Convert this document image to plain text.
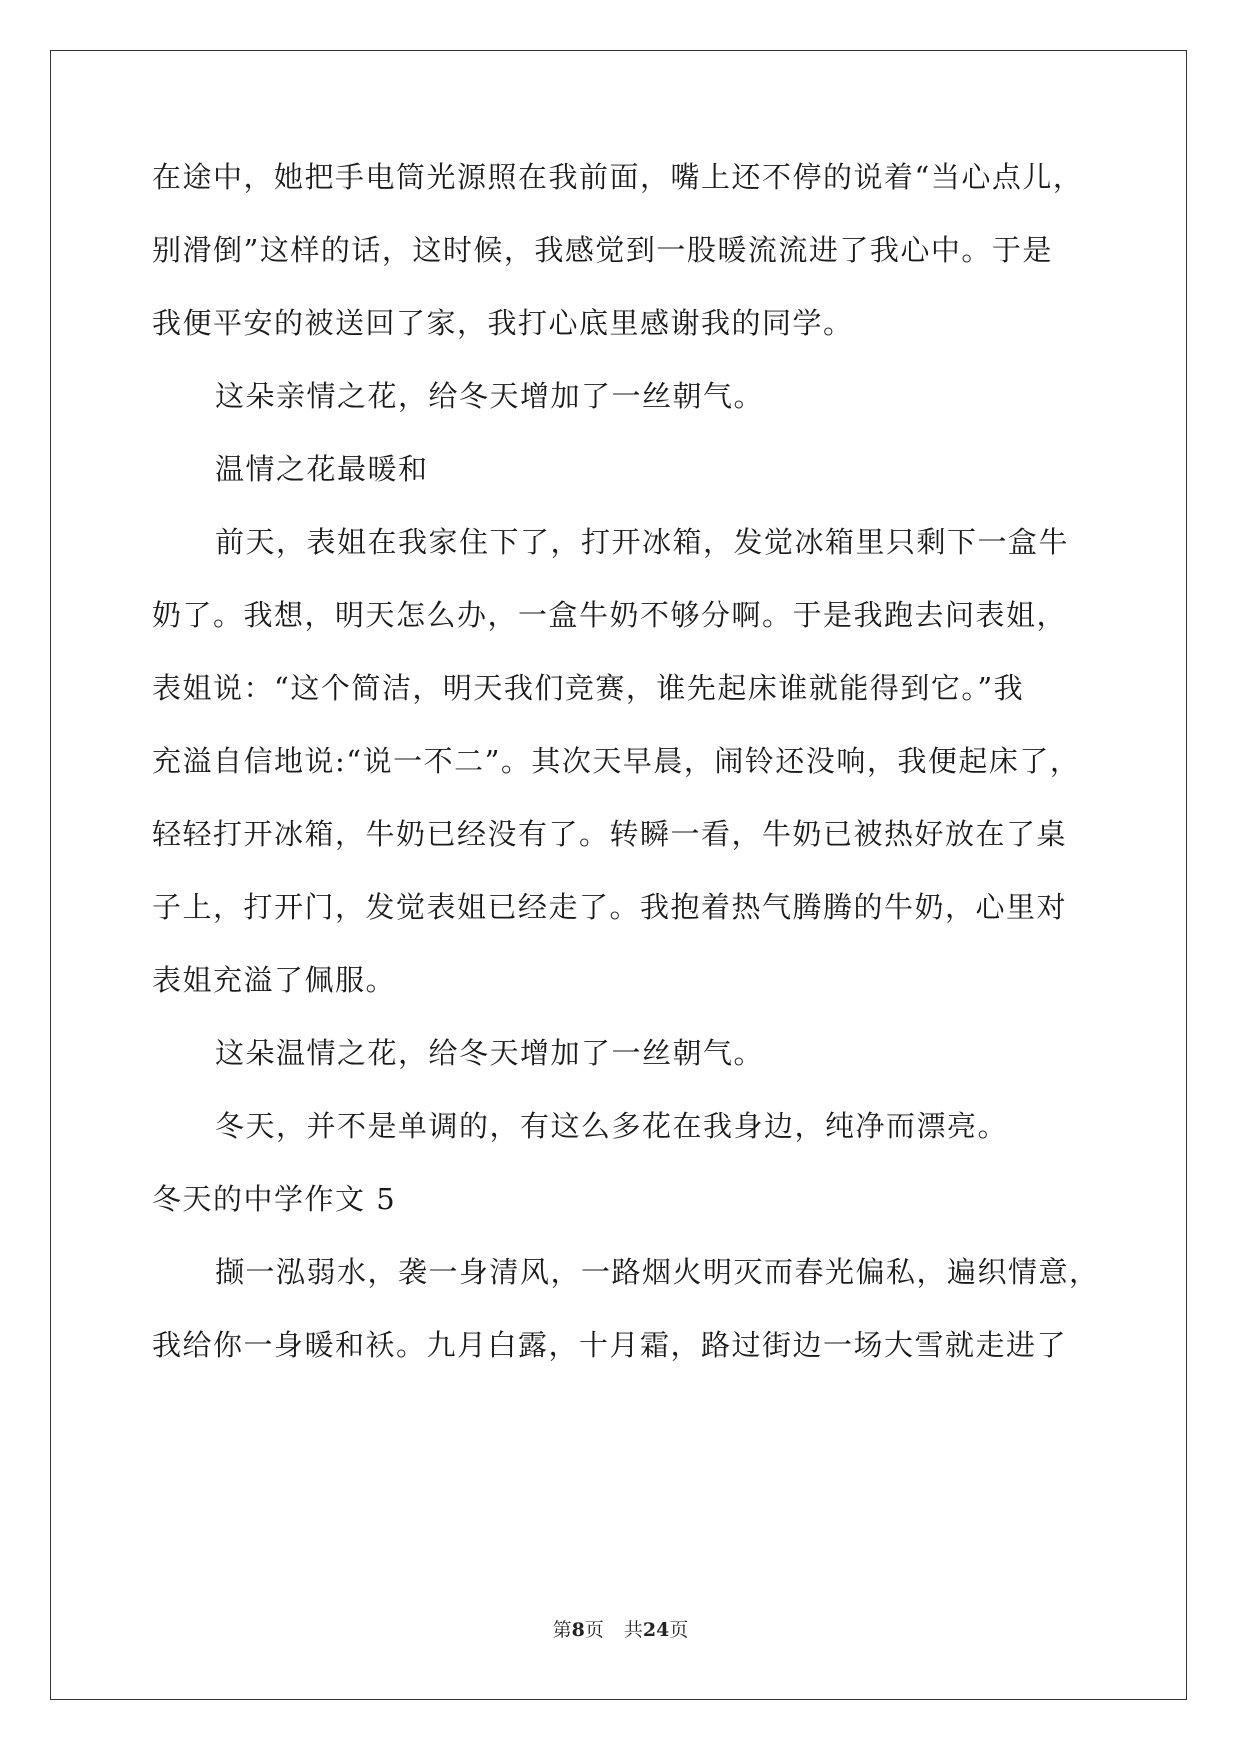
在途中，她把手电筒光源照在我前面，嘴上还不停的说着“当心点儿，
别滑倒”这样的话，这时候，我感觉到一股暖流流进了我心中。于是
我便平安的被送回了家，我打心底里感谢我的同学。
这朵亲情之花，给冬天增加了一丝朝气。
温情之花最暖和
前天，表姐在我家住下了，打开冰箱，发觉冰箱里只剩下一盒牛
奶了。我想，明天怎么办，一盒牛奶不够分啊。于是我跑去问表姐，
表姐说：“这个简洁，明天我们竞赛，谁先起床谁就能得到它。”我
充溢自信地说:“说一不二”。其次天早晨，闹铃还没响，我便起床了，
轻轻打开冰箱，牛奶已经没有了。转瞬一看，牛奶已被热好放在了桌
子上，打开门，发觉表姐已经走了。我抱着热气腾腾的牛奶，心里对
表姐充溢了佩服。
这朵温情之花，给冬天增加了一丝朝气。
冬天，并不是单调的，有这么多花在我身边，纯净而漂亮。
冬天的中学作文 5
撷一泓弱水，袭一身清风，一路烟火明灭而春光偏私，遍织情意，
我给你一身暖和袄。九月白露，十月霜，路过街边一场大雪就走进了
第8页 共24页
